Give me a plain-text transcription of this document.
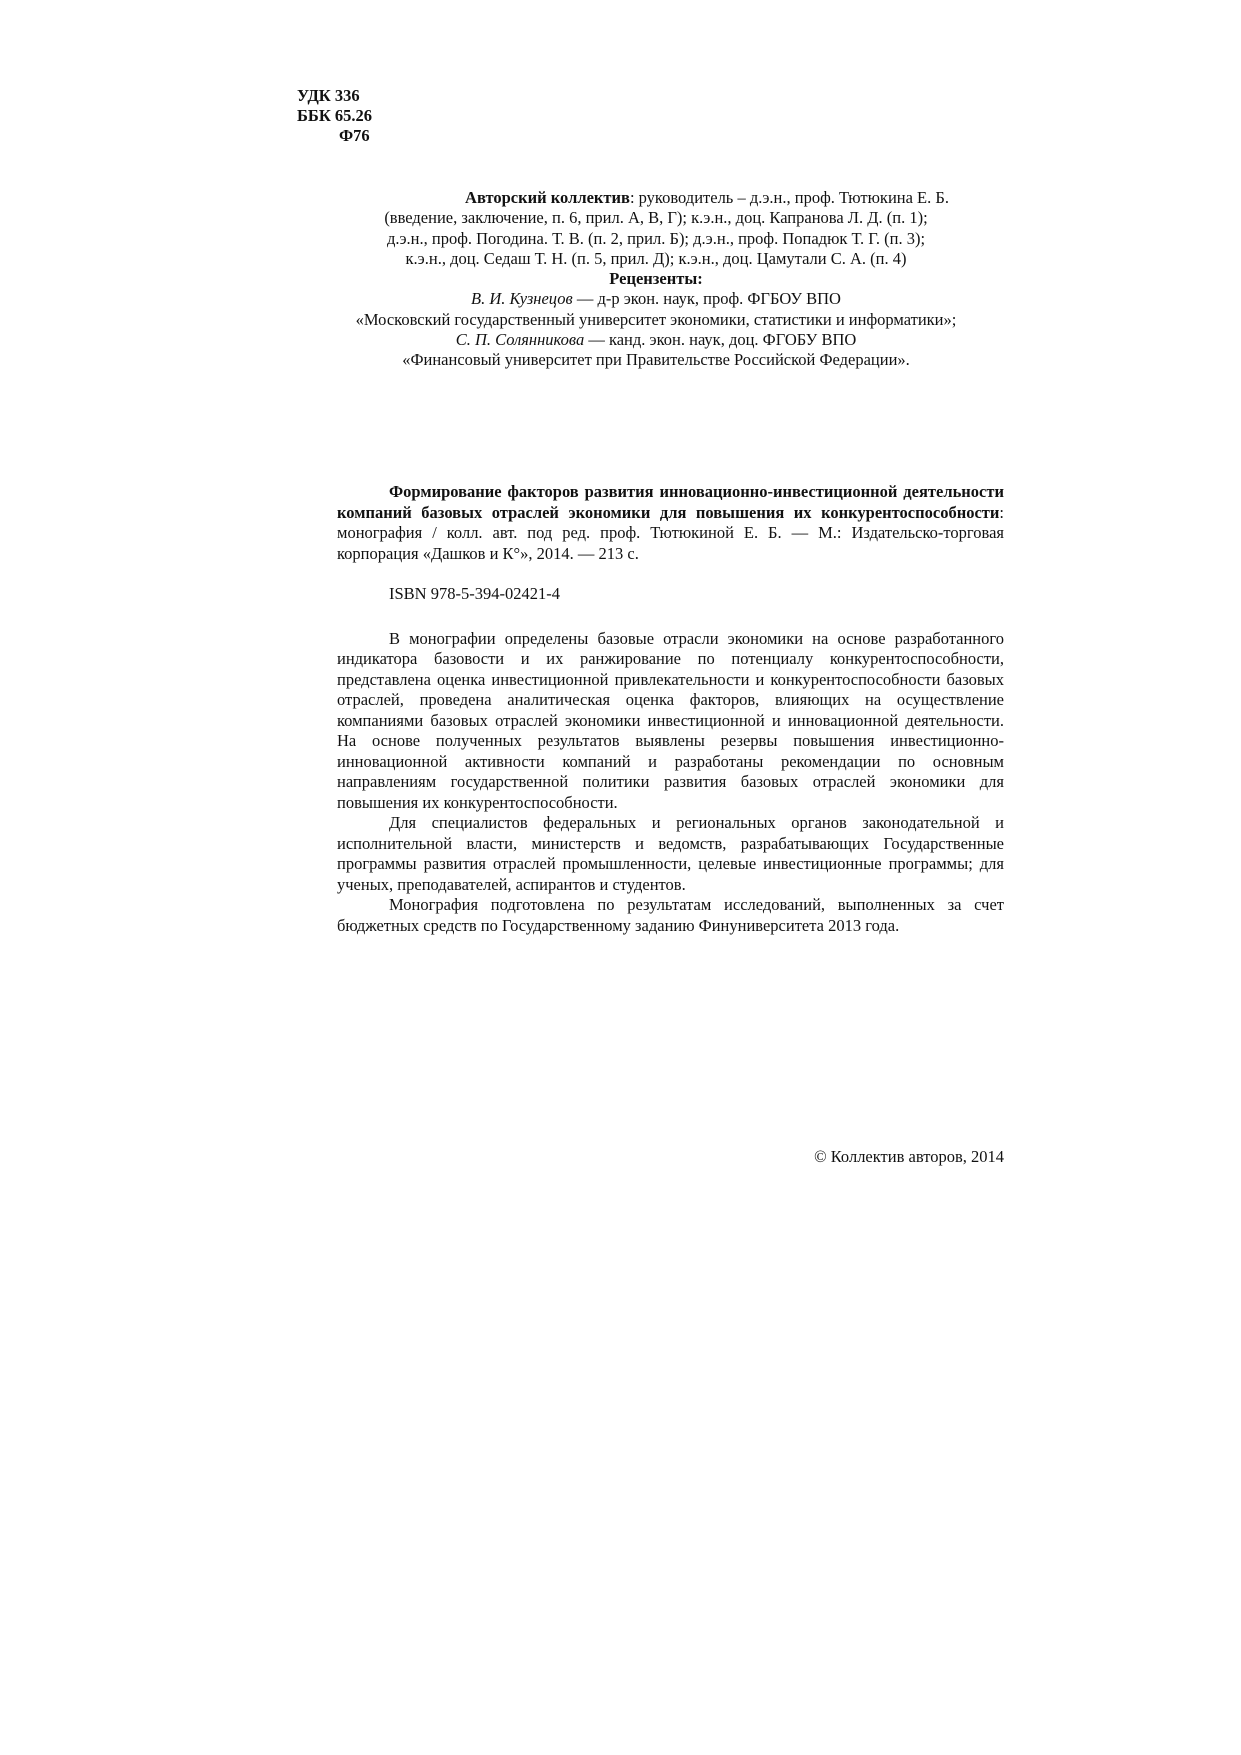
УДК 336
ББК 65.26
Ф76
Авторский коллектив: руководитель – д.э.н., проф. Тютюкина Е. Б.
(введение, заключение, п. 6, прил. А, В, Г); к.э.н., доц. Капранова Л. Д. (п. 1);
д.э.н., проф. Погодина. Т. В. (п. 2, прил. Б); д.э.н., проф. Попадюк Т. Г. (п. 3);
к.э.н., доц. Седаш Т. Н. (п. 5, прил. Д); к.э.н., доц. Цамутали С. А. (п. 4)
Рецензенты:
В. И. Кузнецов — д-р экон. наук, проф. ФГБОУ ВПО
«Московский государственный университет экономики, статистики и информатики»;
С. П. Солянникова — канд. экон. наук, доц. ФГОБУ ВПО
«Финансовый университет при Правительстве Российской Федерации».

Формирование факторов развития инновационно-инвестиционной деятельности компаний базовых отраслей экономики для повышения их конкурентоспособности: монография / колл. авт. под ред. проф. Тютюкиной Е. Б. — М.: Издательско-торговая корпорация «Дашков и К°», 2014. — 213 с.

ISBN 978-5-394-02421-4

В монографии определены базовые отрасли экономики на основе разработанного индикатора базовости и их ранжирование по потенциалу конкурентоспособности, представлена оценка инвестиционной привлекательности и конкурентоспособности базовых отраслей, проведена аналитическая оценка факторов, влияющих на осуществление компаниями базовых отраслей экономики инвестиционной и инновационной деятельности. На основе полученных результатов выявлены резервы повышения инвестиционно-инновационной активности компаний и разработаны рекомендации по основным направлениям государственной политики развития базовых отраслей экономики для повышения их конкурентоспособности.

Для специалистов федеральных и региональных органов законодательной и исполнительной власти, министерств и ведомств, разрабатывающих Государственные программы развития отраслей промышленности, целевые инвестиционные программы; для ученых, преподавателей, аспирантов и студентов.

Монография подготовлена по результатам исследований, выполненных за счет бюджетных средств по Государственному заданию Финуниверситета 2013 года.

© Коллектив авторов, 2014
